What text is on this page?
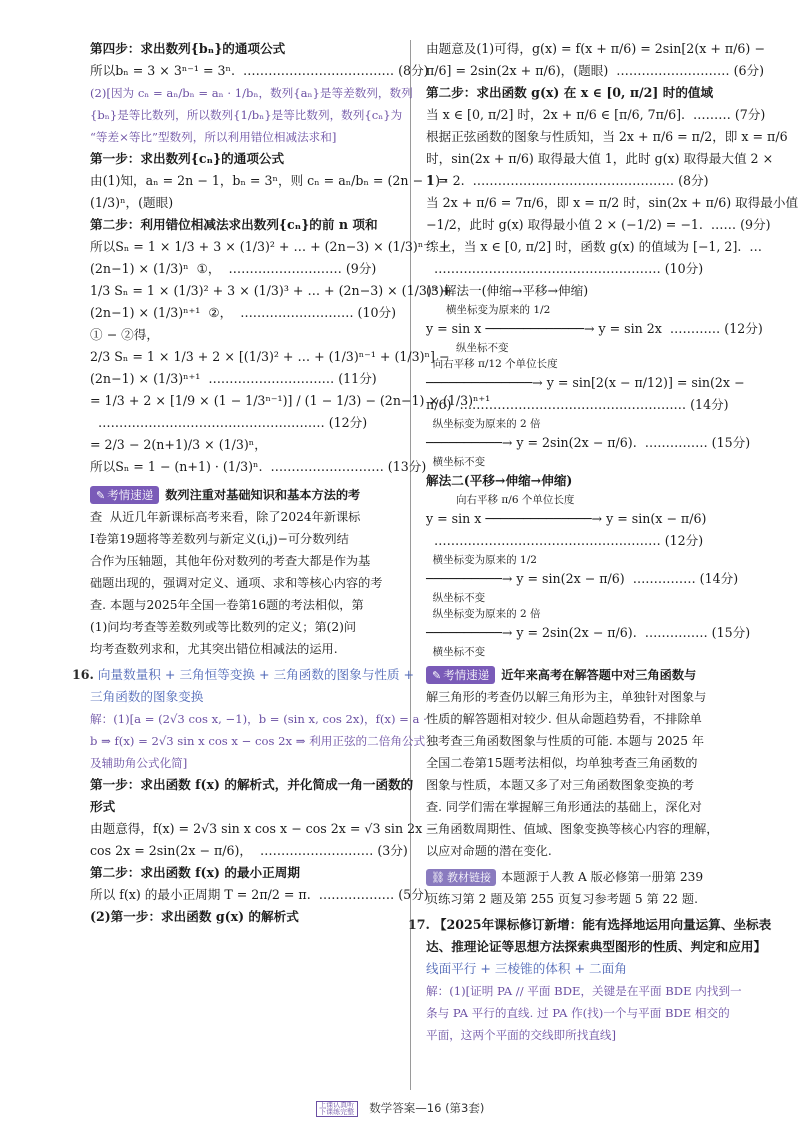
第四步：求出数列{bₙ}的通项公式
所以bₙ = 3 × 3ⁿ⁻¹ = 3ⁿ.  ……………………………… (8分)
(2)[因为 cₙ = aₙ/bₙ = aₙ · 1/bₙ，数列{aₙ}是等差数列，数列
{bₙ}是等比数列，所以数列{1/bₙ}是等比数列，数列{cₙ}为
“等差×等比”型数列，所以利用错位相减法求和]
第一步：求出数列{cₙ}的通项公式
由(1)知，aₙ = 2n − 1，bₙ = 3ⁿ，则 cₙ = aₙ/bₙ = (2n − 1) ·
(1/3)ⁿ，(题眼)
第二步：利用错位相减法求出数列{cₙ}的前 n 项和
所以Sₙ = 1 × 1/3 + 3 × (1/3)² + … + (2n−3) × (1/3)ⁿ⁻¹ +
(2n−1) × (1/3)ⁿ  ①，  ……………………… (9分)
1/3 Sₙ = 1 × (1/3)² + 3 × (1/3)³ + … + (2n−3) × (1/3)ⁿ +
(2n−1) × (1/3)ⁿ⁺¹  ②，  ……………………… (10分)
① − ②得，
2/3 Sₙ = 1 × 1/3 + 2 × [(1/3)² + … + (1/3)ⁿ⁻¹ + (1/3)ⁿ] −
(2n−1) × (1/3)ⁿ⁺¹  ………………………… (11分)
= 1/3 + 2 × [1/9 × (1 − 1/3ⁿ⁻¹)] / (1 − 1/3) − (2n−1) × (1/3)ⁿ⁺¹
……………………………………………… (12分)
= 2/3 − 2(n+1)/3 × (1/3)ⁿ，
所以Sₙ = 1 − (n+1) · (1/3)ⁿ.  ……………………… (13分)
✎ 考情速递 数列注重对基础知识和基本方法的考
查  从近几年新课标高考来看，除了2024年新课标
Ⅰ卷第19题将等差数列与新定义(i,j)−可分数列结
合作为压轴题，其他年份对数列的考查大都是作为基
础题出现的，强调对定义、通项、求和等核心内容的考
查. 本题与2025年全国一卷第16题的考法相似，第
(1)问均考查等差数列或等比数列的定义；第(2)问
均考查数列求和，尤其突出错位相减法的运用.
16. 向量数量积 + 三角恒等变换 + 三角函数的图象与性质 +
三角函数的图象变换
解：(1)[a = (2√3 cos x, −1)，b = (sin x, cos 2x)，f(x) = a ·
b ⇒ f(x) = 2√3 sin x cos x − cos 2x ⇒ 利用正弦的二倍角公式
及辅助角公式化简]
第一步：求出函数 f(x) 的解析式，并化简成一角一函数的
形式
由题意得，f(x) = 2√3 sin x cos x − cos 2x = √3 sin 2x −
cos 2x = 2sin(2x − π/6)，  ……………………… (3分)
第二步：求出函数 f(x) 的最小正周期
所以 f(x) 的最小正周期 T = 2π/2 = π.  ……………… (5分)
(2)第一步：求出函数 g(x) 的解析式
由题意及(1)可得，g(x) = f(x + π/6) = 2sin[2(x + π/6) −
π/6] = 2sin(2x + π/6)，(题眼)  ……………………… (6分)
第二步：求出函数 g(x) 在 x ∈ [0, π/2] 时的值域
当 x ∈ [0, π/2] 时，2x + π/6 ∈ [π/6, 7π/6].  ……… (7分)
根据正弦函数的图象与性质知，当 2x + π/6 = π/2，即 x = π/6
时，sin(2x + π/6) 取得最大值 1，此时 g(x) 取得最大值 2 ×
1 = 2.  ………………………………………… (8分)
当 2x + π/6 = 7π/6，即 x = π/2 时，sin(2x + π/6) 取得最小值
−1/2，此时 g(x) 取得最小值 2 × (−1/2) = −1.  …… (9分)
综上，当 x ∈ [0, π/2] 时，函数 g(x) 的值域为 [−1, 2].  …
……………………………………………… (10分)
(3)解法一(伸缩→平移→伸缩)
横坐标变为原来的 1/2
y = sin x ─────────────→ y = sin 2x  ………… (12分)
纵坐标不变
向右平移 π/12 个单位长度
──────────────→ y = sin[2(x − π/12)] = sin(2x −
π/6)  ……………………………………………… (14分)
纵坐标变为原来的 2 倍
──────────→ y = 2sin(2x − π/6).  …………… (15分)
横坐标不变
解法二(平移→伸缩→伸缩)
向右平移 π/6 个单位长度
y = sin x ──────────────→ y = sin(x − π/6)
……………………………………………… (12分)
横坐标变为原来的 1/2
──────────→ y = sin(2x − π/6)  …………… (14分)
纵坐标不变
纵坐标变为原来的 2 倍
──────────→ y = 2sin(2x − π/6).  …………… (15分)
横坐标不变
✎ 考情速递 近年来高考在解答题中对三角函数与
解三角形的考查仍以解三角形为主，单独针对图象与
性质的解答题相对较少. 但从命题趋势看，不排除单
独考查三角函数图象与性质的可能. 本题与 2025 年
全国二卷第15题考法相似，均单独考查三角函数的
图象与性质，本题又多了对三角函数图象变换的考
查. 同学们需在掌握解三角形通法的基础上，深化对
三角函数周期性、值域、图象变换等核心内容的理解，
以应对命题的潜在变化.
⛓ 教材链接 本题源于人教 A 版必修第一册第 239
页练习第 2 题及第 255 页复习参考题 5 第 22 题.
17. 【2025年课标修订新增：能有选择地运用向量运算、坐标表
达、推理论证等思想方法探索典型图形的性质、判定和应用】
线面平行 + 三棱锥的体积 + 二面角
解：(1)[证明 PA // 平面 BDE，关键是在平面 BDE 内找到一
条与 PA 平行的直线. 过 PA 作(找)一个与平面 BDE 相交的
平面，这两个平面的交线即所找直线]
上课认真听 下课练完整 数学答案—16 (第3套)
